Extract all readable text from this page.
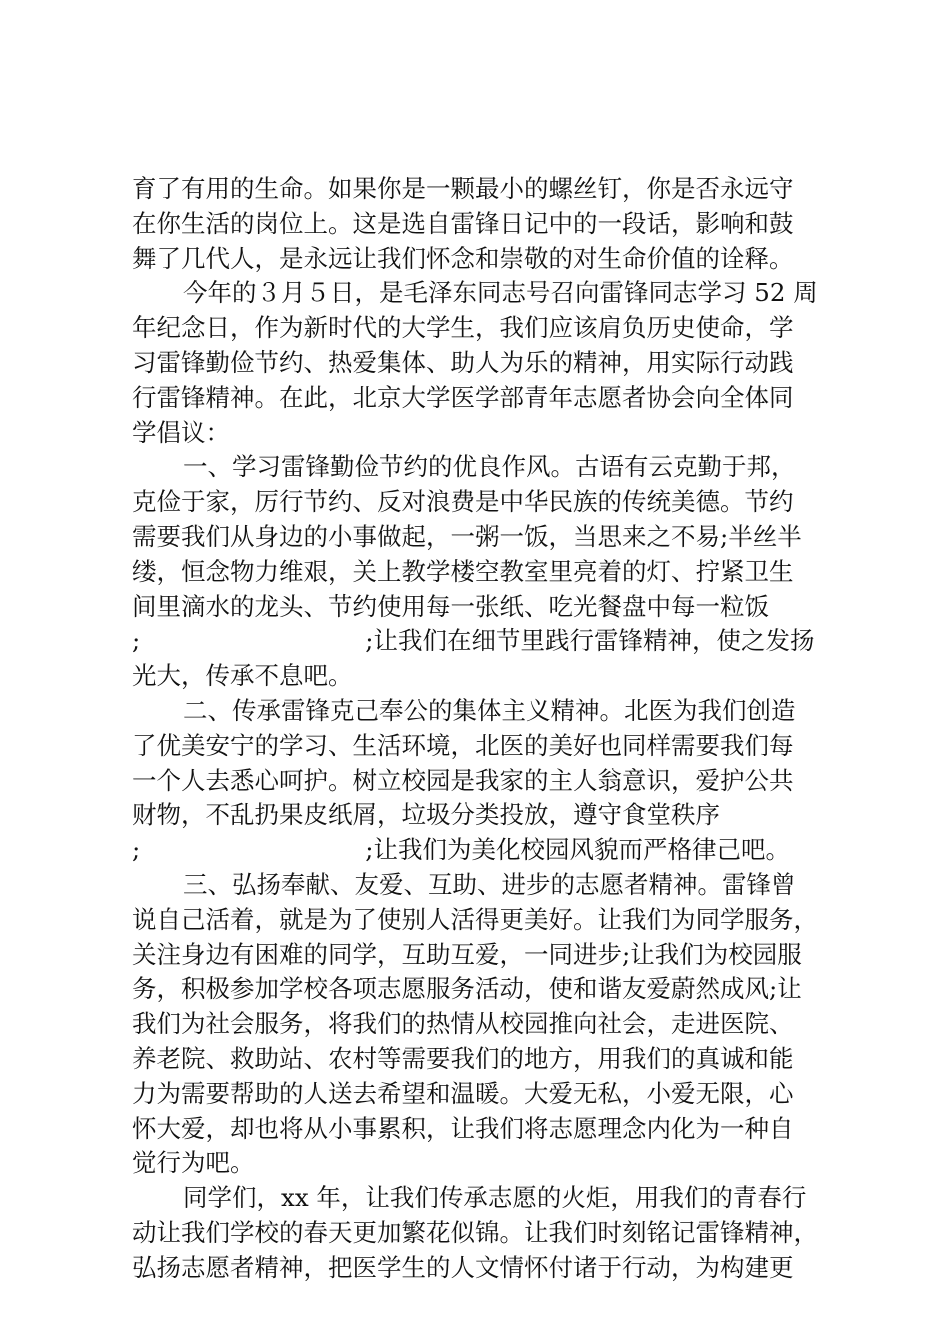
育了有用的生命。如果你是一颗最小的螺丝钉，你是否永远守
在你生活的岗位上。这是选自雷锋日记中的一段话，影响和鼓
舞了几代人，是永远让我们怀念和崇敬的对生命价值的诠释。
今年的３月５日，是毛泽东同志号召向雷锋同志学习 52 周
年纪念日，作为新时代的大学生，我们应该肩负历史使命，学
习雷锋勤俭节约、热爱集体、助人为乐的精神，用实际行动践
行雷锋精神。在此，北京大学医学部青年志愿者协会向全体同
学倡议：
一、学习雷锋勤俭节约的优良作风。古语有云克勤于邦，
克俭于家，厉行节约、反对浪费是中华民族的传统美德。节约
需要我们从身边的小事做起，一粥一饭，当思来之不易;半丝半
缕，恒念物力维艰，关上教学楼空教室里亮着的灯、拧紧卫生
间里滴水的龙头、节约使用每一张纸、吃光餐盘中每一粒饭
;	;让我们在细节里践行雷锋精神，使之发扬
光大，传承不息吧。
二、传承雷锋克己奉公的集体主义精神。北医为我们创造
了优美安宁的学习、生活环境，北医的美好也同样需要我们每
一个人去悉心呵护。树立校园是我家的主人翁意识，爱护公共
财物，不乱扔果皮纸屑，垃圾分类投放，遵守食堂秩序
;	;让我们为美化校园风貌而严格律己吧。
三、弘扬奉献、友爱、互助、进步的志愿者精神。雷锋曾
说自己活着，就是为了使别人活得更美好。让我们为同学服务，
关注身边有困难的同学，互助互爱，一同进步;让我们为校园服
务，积极参加学校各项志愿服务活动，使和谐友爱蔚然成风;让
我们为社会服务，将我们的热情从校园推向社会，走进医院、
养老院、救助站、农村等需要我们的地方，用我们的真诚和能
力为需要帮助的人送去希望和温暖。大爱无私，小爱无限，心
怀大爱，却也将从小事累积，让我们将志愿理念内化为一种自
觉行为吧。
同学们，xx 年，让我们传承志愿的火炬，用我们的青春行
动让我们学校的春天更加繁花似锦。让我们时刻铭记雷锋精神，
弘扬志愿者精神，把医学生的人文情怀付诸于行动，为构建更
